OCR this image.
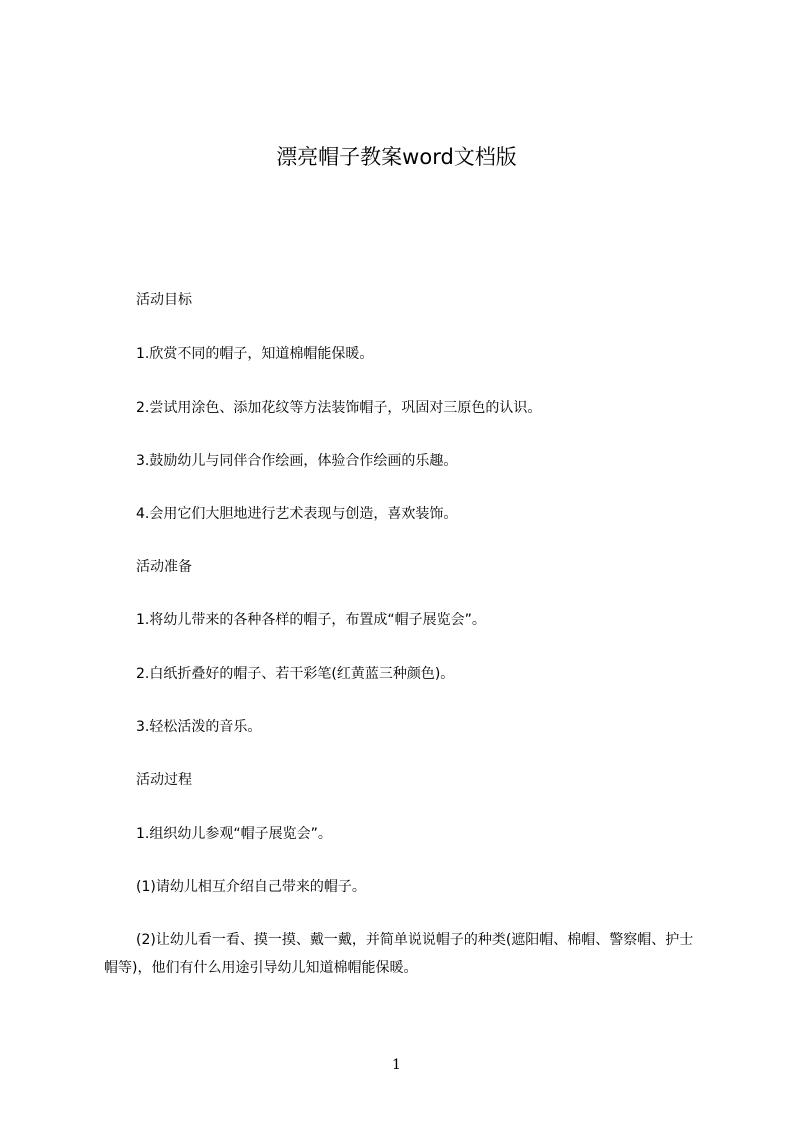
漂亮帽子教案word文档版
活动目标
1.欣赏不同的帽子，知道棉帽能保暖。
2.尝试用涂色、添加花纹等方法装饰帽子，巩固对三原色的认识。
3.鼓励幼儿与同伴合作绘画，体验合作绘画的乐趣。
4.会用它们大胆地进行艺术表现与创造，喜欢装饰。
活动准备
1.将幼儿带来的各种各样的帽子，布置成“帽子展览会”。
2.白纸折叠好的帽子、若干彩笔(红黄蓝三种颜色)。
3.轻松活泼的音乐。
活动过程
1.组织幼儿参观“帽子展览会”。
(1)请幼儿相互介绍自己带来的帽子。
(2)让幼儿看一看、摸一摸、戴一戴，并简单说说帽子的种类(遮阳帽、棉帽、警察帽、护士帽等)，他们有什么用途引导幼儿知道棉帽能保暖。
1
